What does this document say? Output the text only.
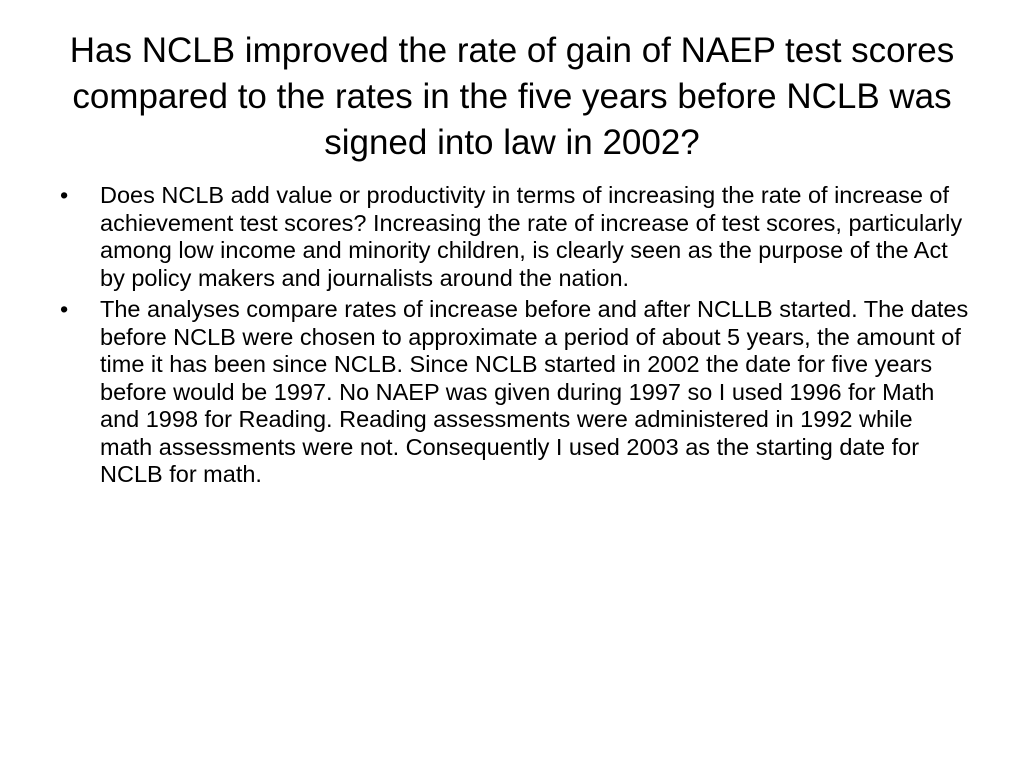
Has NCLB improved the rate of gain of NAEP test scores compared to the rates in the five years before NCLB was signed into law in 2002?
•	Does NCLB add value or productivity in terms of increasing the rate of increase of achievement test scores? Increasing the rate of increase of test scores, particularly among low income and minority children, is clearly seen as the purpose of the Act by policy makers and journalists around the nation.
•	The analyses compare rates of increase before and after NCLLB started. The dates before NCLB were chosen to approximate a period of about 5 years, the amount of time it has been since NCLB. Since NCLB started in 2002 the date for five years before would be 1997. No NAEP was given during 1997 so I used 1996 for Math and 1998 for Reading. Reading assessments were administered in 1992 while math assessments were not. Consequently I used 2003 as the starting date for NCLB for math.
